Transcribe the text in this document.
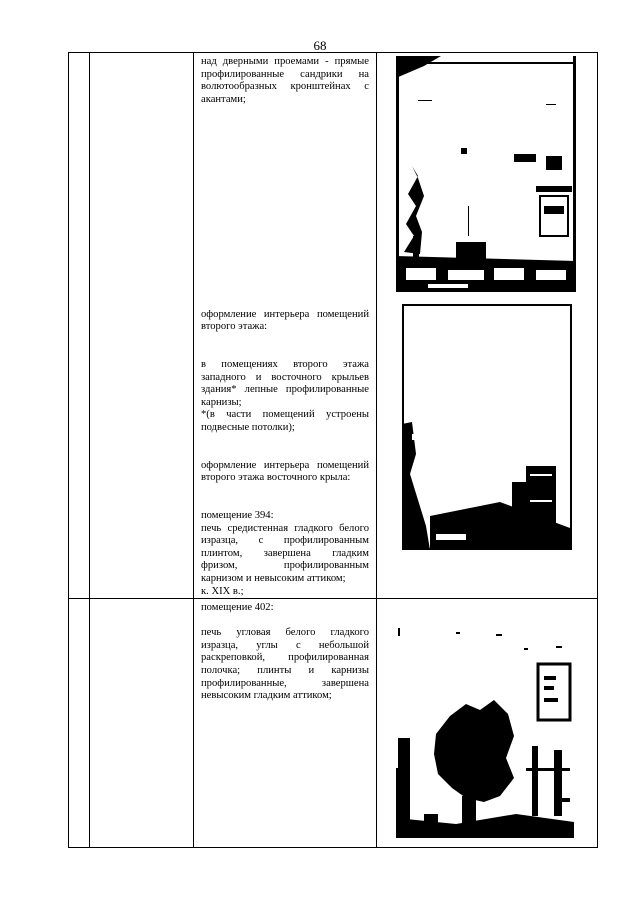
68

над дверными проемами - прямые профилированные сандрики на волютообразных кронштейнах с акантами;

оформление интерьера помещений второго этажа:

в помещениях второго этажа западного и восточного крыльев здания* лепные профилированные карнизы;
*(в части помещений устроены подвесные потолки);

оформление интерьера помещений второго этажа восточного крыла:

помещение 394:
печь средистенная гладкого белого изразца, с профилированным плинтом, завершена гладким фризом, профилированным карнизом и невысоким аттиком;
к. XIX в.;

помещение 402:

печь угловая белого гладкого изразца, углы с небольшой раскреповкой, профилированная полочка; плинты и карнизы профилированные, завершена невысоким гладким аттиком;
